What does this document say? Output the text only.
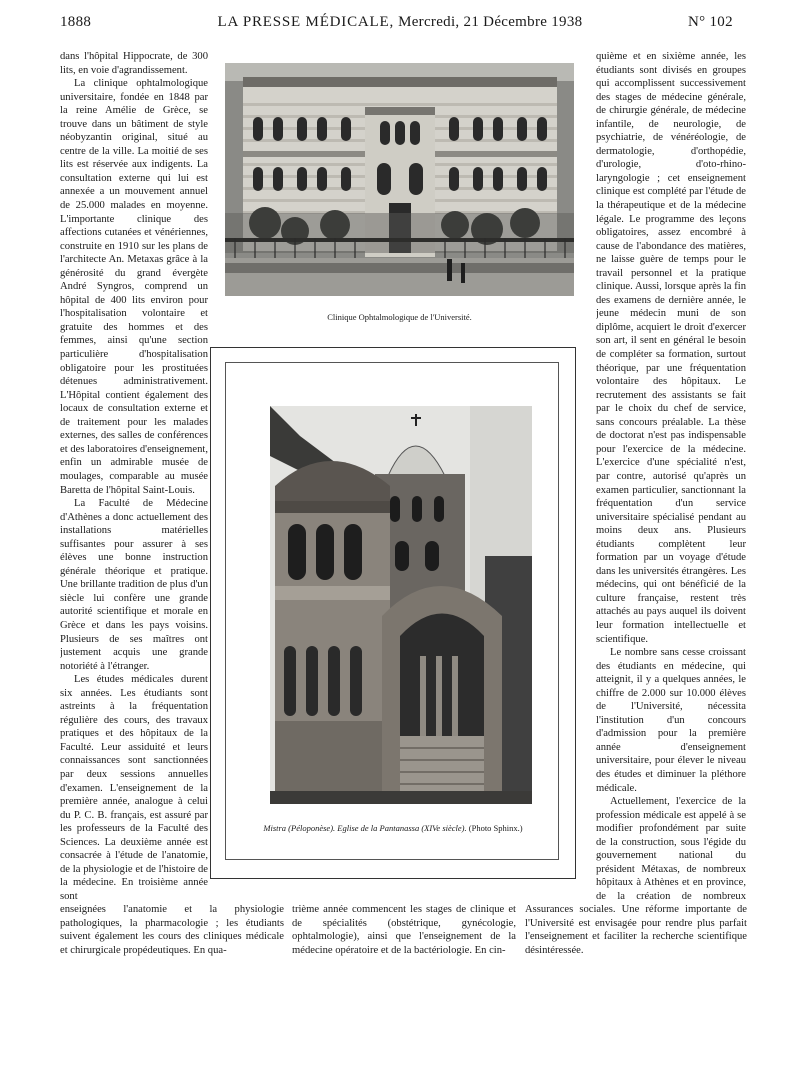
1888	LA PRESSE MÉDICALE, Mercredi, 21 Décembre 1938	N° 102

dans l'hôpital Hippocrate, de 300 lits, en voie d'agrandissement.

La clinique ophtalmologique universitaire, fondée en 1848 par la reine Amélie de Grèce, se trouve dans un bâtiment de style néobyzantin original, situé au centre de la ville. La moitié de ses lits est réservée aux indigents. La consultation externe qui lui est annexée a un mouvement annuel de 25.000 malades en moyenne. L'importante clinique des affections cutanées et vénériennes, construite en 1910 sur les plans de l'architecte An. Metaxas grâce à la générosité du grand évergète André Syngros, comprend un hôpital de 400 lits environ pour l'hospitalisation volontaire et gratuite des hommes et des femmes, ainsi qu'une section particulière d'hospitalisation obligatoire pour les prostituées détenues administrativement. L'Hôpital contient également des locaux de consultation externe et de traitement pour les malades externes, des salles de conférences et des laboratoires d'enseignement, enfin un admirable musée de moulages, comparable au musée Baretta de l'hôpital Saint-Louis.

La Faculté de Médecine d'Athènes a donc actuellement des installations matérielles suffisantes pour assurer à ses élèves une bonne instruction générale théorique et pratique. Une brillante tradition de plus d'un siècle lui confère une grande autorité scientifique et morale en Grèce et dans les pays voisins. Plusieurs de ses maîtres ont justement acquis une grande notoriété à l'étranger.

Les études médicales durent six années. Les étudiants sont astreints à la fréquentation régulière des cours, des travaux pratiques et des hôpitaux de la Faculté. Leur assiduité et leurs connaissances sont sanctionnées par deux sessions annuelles d'examen. L'enseignement de la première année, analogue à celui du P. C. B. français, est assuré par les professeurs de la Faculté des Sciences. La deuxième année est consacrée à l'étude de l'anatomie, de la physiologie et de l'histoire de la médecine. En troisième année sont

Clinique Ophtalmologique de l'Université.
Mistra (Péloponèse). Eglise de la Pantanassa (XIVe siècle). (Photo Sphinx.)

quième et en sixième année, les étudiants sont divisés en groupes qui accomplissent successivement des stages de médecine générale, de chirurgie générale, de médecine infantile, de neurologie, de psychiatrie, de vénéréologie, de dermatologie, d'orthopédie, d'urologie, d'oto-rhino-laryngologie ; cet enseignement clinique est complété par l'étude de la thérapeutique et de la médecine légale. Le programme des leçons obligatoires, assez encombré à cause de l'abondance des matières, ne laisse guère de temps pour le travail personnel et la pratique clinique. Aussi, lorsque après la fin des examens de dernière année, le jeune médecin muni de son diplôme, acquiert le droit d'exercer son art, il sent en général le besoin de compléter sa formation, surtout théorique, par une fréquentation volontaire des hôpitaux. Le recrutement des assistants se fait par le choix du chef de service, sans concours préalable. La thèse de doctorat n'est pas indispensable pour l'exercice de la médecine. L'exercice d'une spécialité n'est, par contre, autorisé qu'après un examen particulier, sanctionnant la fréquentation d'un service universitaire spécialisé pendant au moins deux ans. Plusieurs étudiants complètent leur formation par un voyage d'étude dans les universités étrangères. Les médecins, qui ont bénéficié de la culture française, restent très attachés au pays auquel ils doivent leur formation intellectuelle et scientifique.

Le nombre sans cesse croissant des étudiants en médecine, qui atteignit, il y a quelques années, le chiffre de 2.000 sur 10.000 élèves de l'Université, nécessita l'institution d'un concours d'admission pour la première année d'enseignement universitaire, pour élever le niveau des études et diminuer la pléthore médicale.

Actuellement, l'exercice de la profession médicale est appelé à se modifier profondément par suite de la construction, sous l'égide du gouvernement national du président Métaxas, de nombreux hôpitaux à Athènes et en province, de la création de nombreux

enseignées l'anatomie et la physiologie pathologiques, la pharmacologie ; les étudiants suivent également les cours des cliniques médicale et chirurgicale propédeutiques. En qua-

trième année commencent les stages de clinique et de spécialités (obstétrique, gynécologie, ophtalmologie), ainsi que l'enseignement de la médecine opératoire et de la bactériologie. En cin-

Assurances sociales. Une réforme importante de l'Université est envisagée pour rendre plus parfait l'enseignement et faciliter la recherche scientifique désintéressée.
